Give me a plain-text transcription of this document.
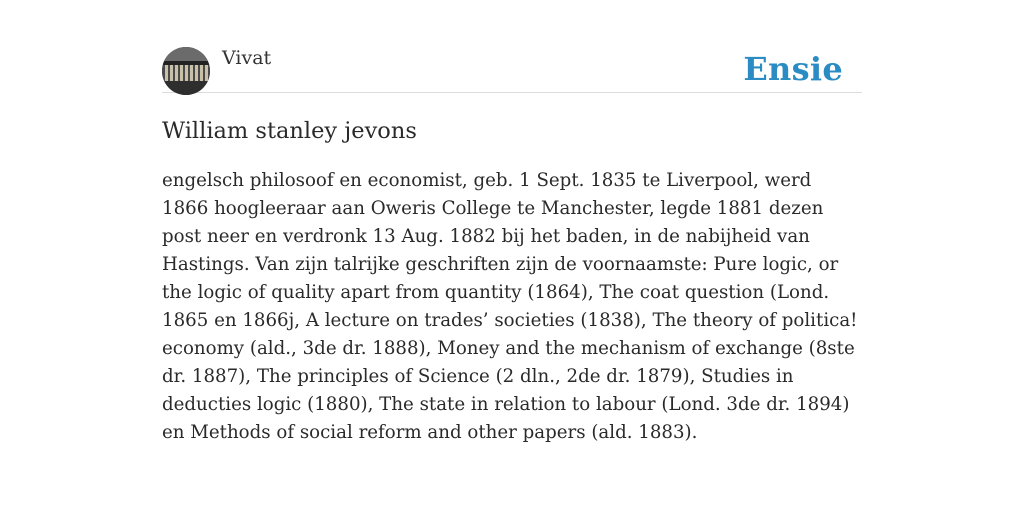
Vivat	Ensie
William stanley jevons

engelsch philosoof en economist, geb. 1 Sept. 1835 te Liverpool, werd 1866 hoogleeraar aan Oweris College te Manchester, legde 1881 dezen post neer en verdronk 13 Aug. 1882 bij het baden, in de nabijheid van Hastings. Van zijn talrijke geschriften zijn de voornaamste: Pure logic, or the logic of quality apart from quantity (1864), The coat question (Lond. 1865 en 1866j, A lecture on trades’ societies (1838), The theory of politica! economy (ald., 3de dr. 1888), Money and the mechanism of exchange (8ste dr. 1887), The principles of Science (2 dln., 2de dr. 1879), Studies in deducties logic (1880), The state in relation to labour (Lond. 3de dr. 1894) en Methods of social reform and other papers (ald. 1883).
